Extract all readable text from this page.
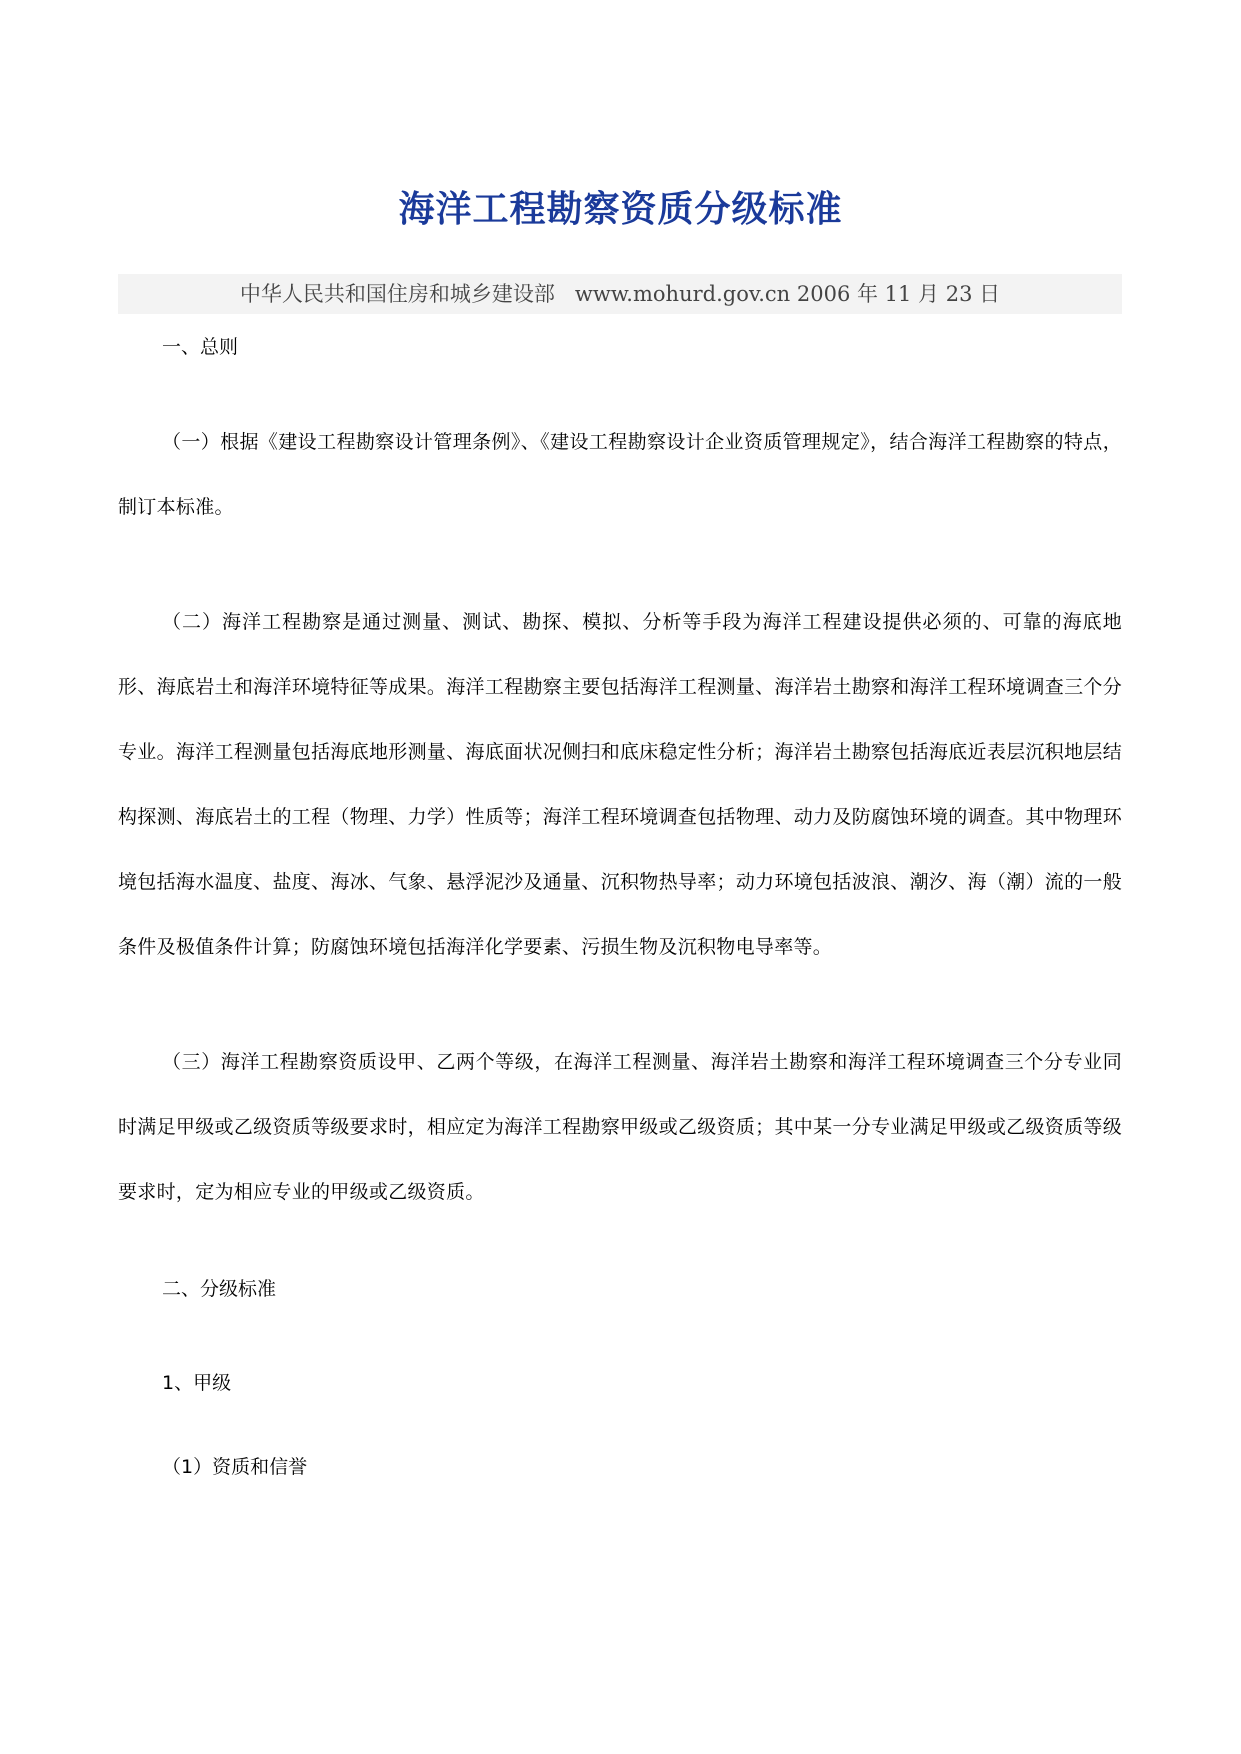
海洋工程勘察资质分级标准
中华人民共和国住房和城乡建设部 www.mohurd.gov.cn 2006 年 11 月 23 日

一、总则

（一）根据《建设工程勘察设计管理条例》、《建设工程勘察设计企业资质管理规定》，结合海洋工程勘察的特点，制订本标准。

（二）海洋工程勘察是通过测量、测试、勘探、模拟、分析等手段为海洋工程建设提供必须的、可靠的海底地形、海底岩土和海洋环境特征等成果。海洋工程勘察主要包括海洋工程测量、海洋岩土勘察和海洋工程环境调查三个分专业。海洋工程测量包括海底地形测量、海底面状况侧扫和底床稳定性分析；海洋岩土勘察包括海底近表层沉积地层结构探测、海底岩土的工程（物理、力学）性质等；海洋工程环境调查包括物理、动力及防腐蚀环境的调查。其中物理环境包括海水温度、盐度、海冰、气象、悬浮泥沙及通量、沉积物热导率；动力环境包括波浪、潮汐、海（潮）流的一般条件及极值条件计算；防腐蚀环境包括海洋化学要素、污损生物及沉积物电导率等。

（三）海洋工程勘察资质设甲、乙两个等级，在海洋工程测量、海洋岩土勘察和海洋工程环境调查三个分专业同时满足甲级或乙级资质等级要求时，相应定为海洋工程勘察甲级或乙级资质；其中某一分专业满足甲级或乙级资质等级要求时，定为相应专业的甲级或乙级资质。

二、分级标准

1、甲级

（1）资质和信誉
